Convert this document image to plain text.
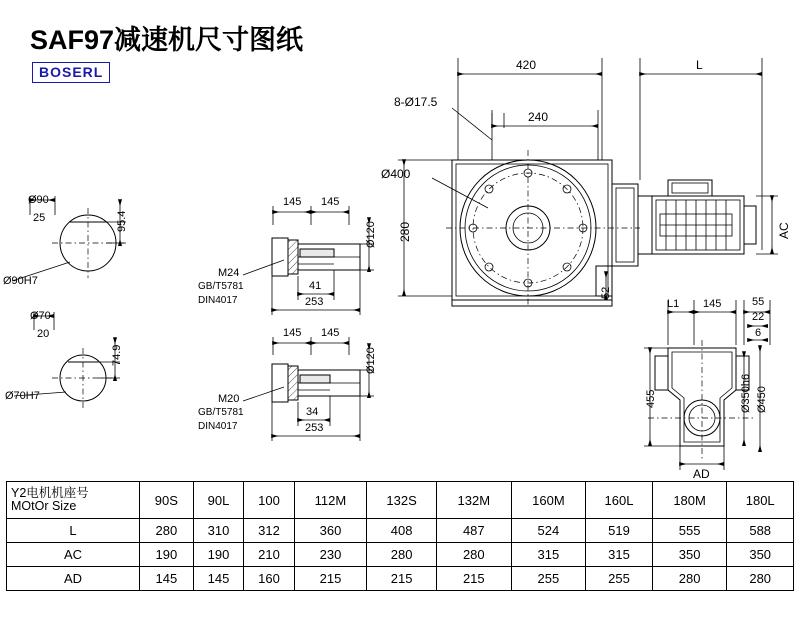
SAF97减速机尺寸图纸
BOSERL
Ø90
25	95.4
Ø90H7
Ø70
20
74.9
Ø70H7
145 145
Ø120
M24
GB/T5781
DIN4017
41
253
145 145
Ø120
M20
GB/T5781
DIN4017
34
253
420	L
8-Ø17.5
240
Ø400
280
52
AC
L1 145	55
22
6
455	Ø350h6 Ø450
AD
Y2电机机座号
MOtOr Size	90S	90L	100	112M	132S	132M	160M	160L	180M	180L
L	280	310	312	360	408	487	524	519	555	588
AC	190	190	210	230	280	280	315	315	350	350
AD	145	145	160	215	215	215	255	255	280	280
